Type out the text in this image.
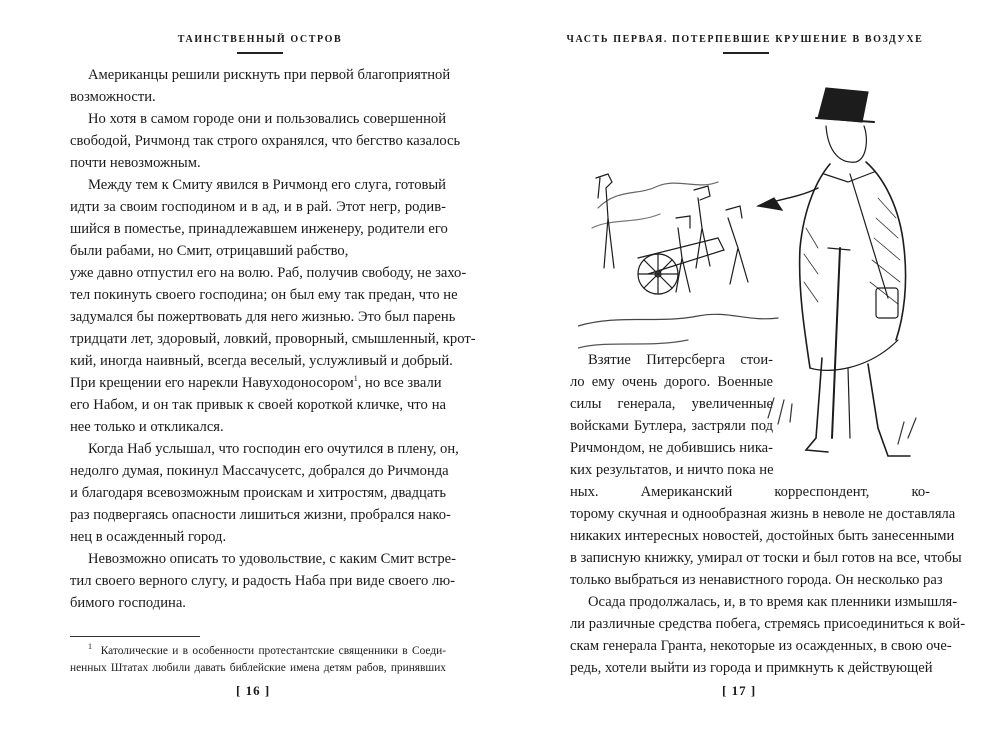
ТАИНСТВЕННЫЙ ОСТРОВ
Американцы решили рискнуть при первой благоприятной
возможности.
Но хотя в самом городе они и пользовались совершенной
свободой, Ричмонд так строго охранялся, что бегство казалось
почти невозможным.
Между тем к Смиту явился в Ричмонд его слуга, готовый
идти за своим господином и в ад, и в рай. Этот негр, родив-
шийся в поместье, принадлежавшем инженеру, родители его
были рабами, но Смит, отрицавший рабство,
уже давно отпустил его на волю. Раб, получив свободу, не захо-
тел покинуть своего господина; он был ему так предан, что не
задумался бы пожертвовать для него жизнью. Это был парень
тридцати лет, здоровый, ловкий, проворный, смышленный, крот-
кий, иногда наивный, всегда веселый, услужливый и добрый.
При крещении его нарекли Навуходоносором$^1$, но все звали
его Набом, и он так привык к своей короткой кличке, что на
нее только и откликался.
Когда Наб услышал, что господин его очутился в плену, он,
недолго думая, покинул Массачусетс, добрался до Ричмонда
и благодаря всевозможным проискам и хитростям, двадцать
раз подвергаясь опасности лишиться жизни, пробрался нако-
нец в осажденный город.
Невозможно описать то удовольствие, с каким Смит встре-
тил своего верного слугу, и радость Наба при виде своего лю-
бимого господина.
$^1$ Католические и в особенности протестантские священники в Соеди-
ненных Штатах любили давать библейские имена детям рабов, принявших
[ 16 ]
ЧАСТЬ ПЕРВАЯ. ПОТЕРПЕВШИЕ КРУШЕНИЕ В ВОЗДУХЕ
[ 17 ]
Взятие Питерсберга стои-
ло ему очень дорого. Военные
силы генерала, увеличенные
войсками Бутлера, застряли под
Ричмондом, не добившись ника-
ких результатов, и ничто пока не
ных. Американский корреспондент, ко-
торому скучная и однообразная жизнь в неволе не доставляла
никаких интересных новостей, достойных быть занесенными
в записную книжку, умирал от тоски и был готов на все, чтобы
только выбраться из ненавистного города. Он несколько раз
Осада продолжалась, и, в то время как пленники измышля-
ли различные средства побега, стремясь присоединиться к вой-
скам генерала Гранта, некоторые из осажденных, в свою оче-
редь, хотели выйти из города и примкнуть к действующей
